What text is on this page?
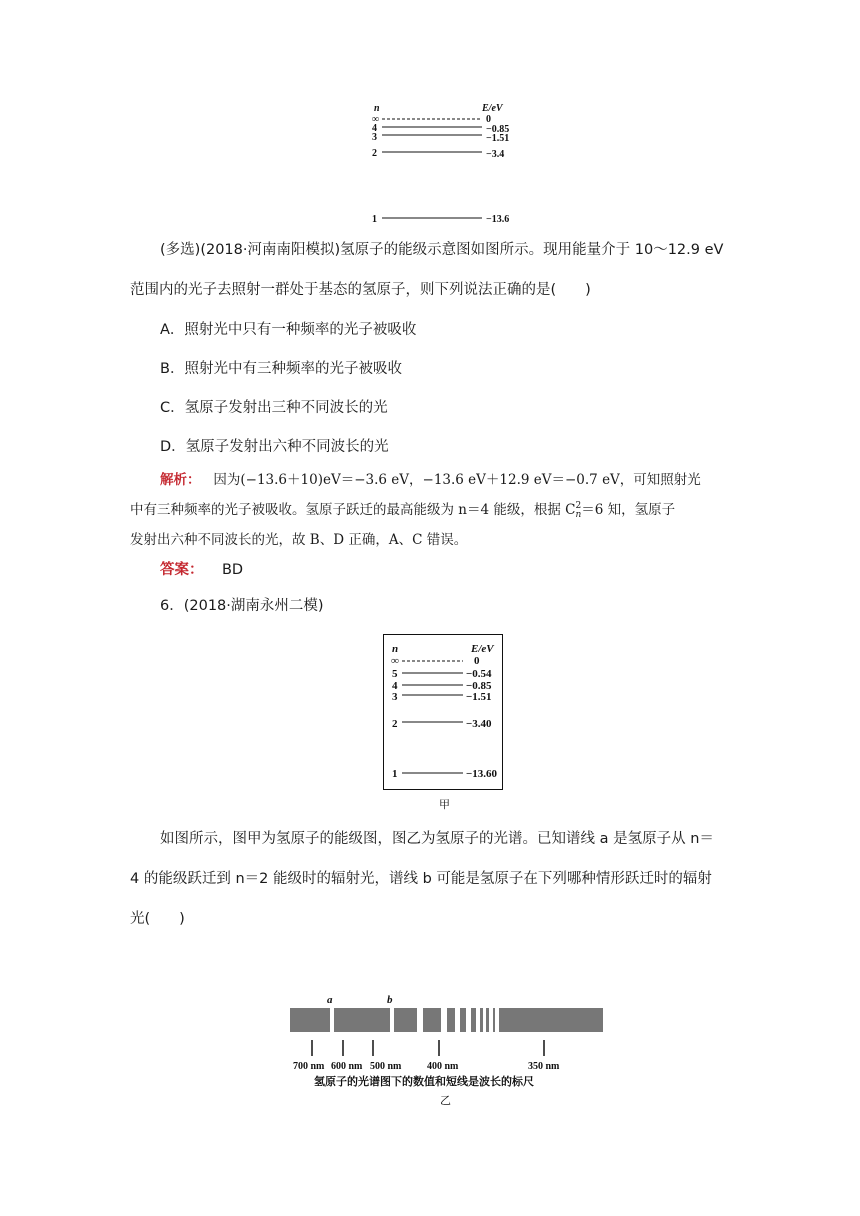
n	E/eV
∞	0
4	−0.85
3	−1.51
2	−3.4
1	−13.6
(多选)(2018·河南南阳模拟)氢原子的能级示意图如图所示。现用能量介于 10～12.9 eV
范围内的光子去照射一群处于基态的氢原子，则下列说法正确的是(　　)
A．照射光中只有一种频率的光子被吸收
B．照射光中有三种频率的光子被吸收
C．氢原子发射出三种不同波长的光
D．氢原子发射出六种不同波长的光
解析： 因为(−13.6＋10)eV＝−3.6 eV，−13.6 eV＋12.9 eV＝−0.7 eV，可知照射光
中有三种频率的光子被吸收。氢原子跃迁的最高能级为 n＝4 能级，根据 C 2
n ＝6 知，氢原子
发射出六种不同波长的光，故 B、D 正确，A、C 错误。
答案： BD
6．(2018·湖南永州二模)
n	E/eV
∞	0
5	−0.54
4	−0.85
3	−1.51
2	−3.40
1	−13.60
甲
如图所示，图甲为氢原子的能级图，图乙为氢原子的光谱。已知谱线 a 是氢原子从 n＝
4 的能级跃迁到 n＝2 能级时的辐射光，谱线 b 可能是氢原子在下列哪种情形跃迁时的辐射
光(　　)
a	b
700 nm 600 nm 500 nm	400 nm	350 nm
氢原子的光谱图下的数值和短线是波长的标尺
乙
